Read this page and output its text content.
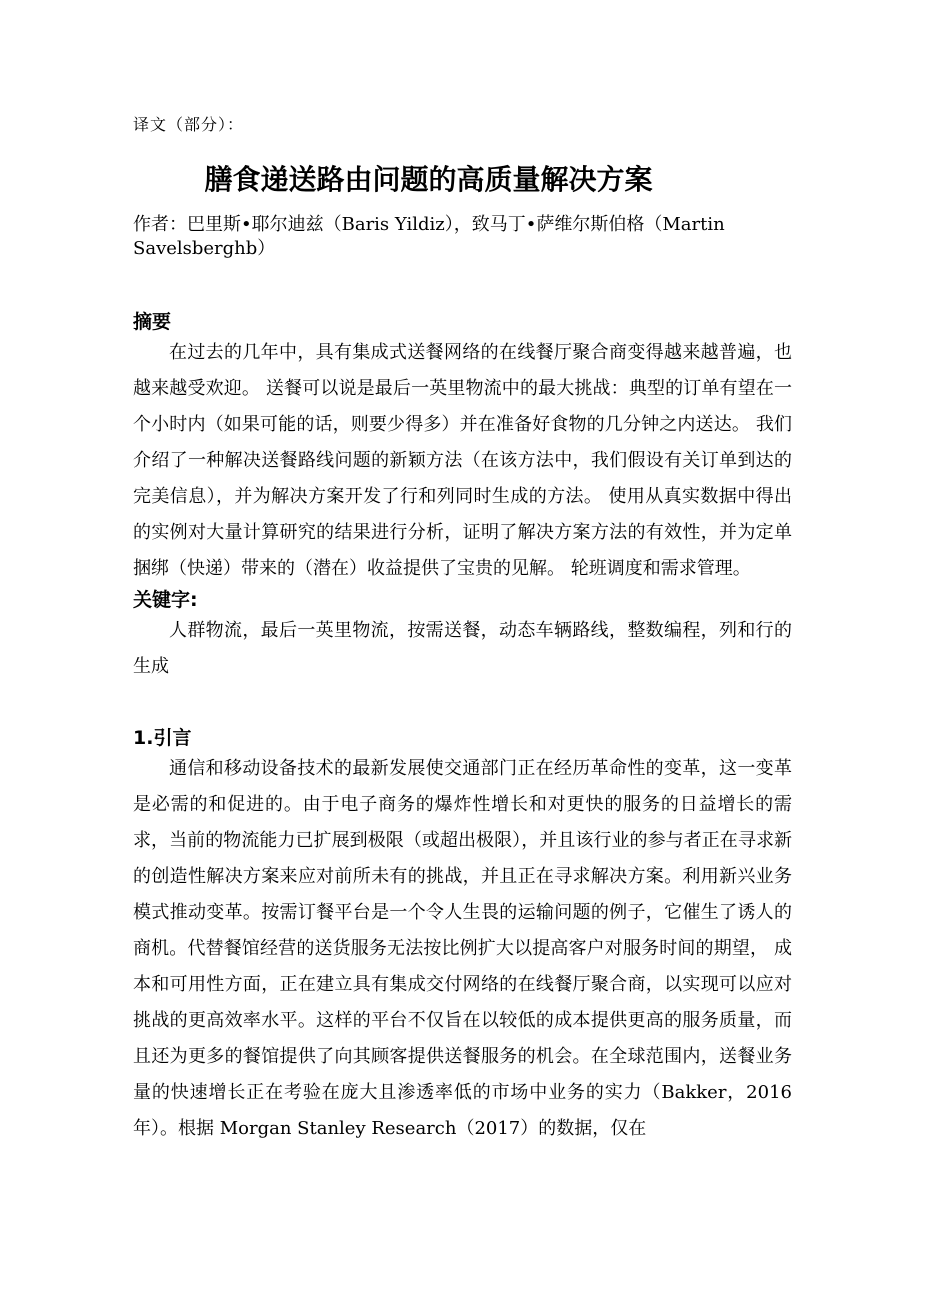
译文（部分）：

膳食递送路由问题的高质量解决方案

作者：巴里斯•耶尔迪兹（Baris Yildiz），致马丁•萨维尔斯伯格（Martin Savelsberghb）

摘要

在过去的几年中，具有集成式送餐网络的在线餐厅聚合商变得越来越普遍，也越来越受欢迎。 送餐可以说是最后一英里物流中的最大挑战：典型的订单有望在一个小时内（如果可能的话，则要少得多）并在准备好食物的几分钟之内送达。 我们介绍了一种解决送餐路线问题的新颖方法（在该方法中，我们假设有关订单到达的完美信息），并为解决方案开发了行和列同时生成的方法。 使用从真实数据中得出的实例对大量计算研究的结果进行分析，证明了解决方案方法的有效性，并为定单捆绑（快递）带来的（潜在）收益提供了宝贵的见解。 轮班调度和需求管理。

关键字:

人群物流，最后一英里物流，按需送餐，动态车辆路线，整数编程，列和行的生成

1.引言

通信和移动设备技术的最新发展使交通部门正在经历革命性的变革，这一变革是必需的和促进的。由于电子商务的爆炸性增长和对更快的服务的日益增长的需求，当前的物流能力已扩展到极限（或超出极限），并且该行业的参与者正在寻求新的创造性解决方案来应对前所未有的挑战，并且正在寻求解决方案。利用新兴业务模式推动变革。按需订餐平台是一个令人生畏的运输问题的例子，它催生了诱人的商机。代替餐馆经营的送货服务无法按比例扩大以提高客户对服务时间的期望， 成本和可用性方面，正在建立具有集成交付网络的在线餐厅聚合商，以实现可以应对挑战的更高效率水平。这样的平台不仅旨在以较低的成本提供更高的服务质量，而且还为更多的餐馆提供了向其顾客提供送餐服务的机会。在全球范围内，送餐业务量的快速增长正在考验在庞大且渗透率低的市场中业务的实力（Bakker，2016 年）。根据 Morgan Stanley Research（2017）的数据，仅在
